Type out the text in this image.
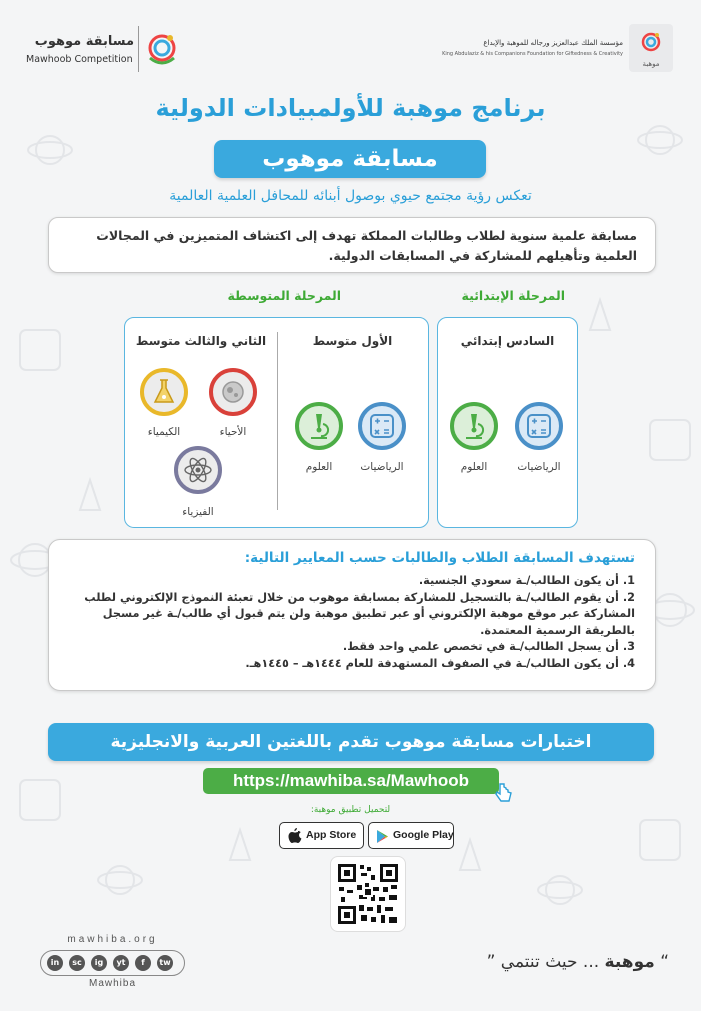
مسابقة موهوب
Mawhoob Competition	موهبة
مؤسسة الملك عبدالعزيز ورجاله للموهبة والإبداع
King Abdulaziz & his Companions Foundation for Giftedness & Creativity
برنامج موهبة للأولمبيادات الدولية
مسابقة موهوب
تعكس رؤية مجتمع حيوي بوصول أبنائه للمحافل العلمية العالمية
مسابقة علمية سنوية لطلاب وطالبات المملكة تهدف إلى اكتشاف المتميزين في المجالات العلمية وتأهيلهم للمشاركة في المسابقات الدولية.
المرحلة الإبتدائية
المرحلة المتوسطة
السادس إبتدائي
الرياضيات
العلوم
الأول متوسط
الثاني والثالث متوسط
الرياضيات
العلوم
الأحياء
الكيمياء
الفيزياء
تستهدف المسابقة الطلاب والطالبات حسب المعايير التالية:
1. أن يكون الطالب/ـة سعودي الجنسية.
2. أن يقوم الطالب/ـة بالتسجيل للمشاركة بمسابقة موهوب من خلال تعبئة النموذج الإلكتروني لطلب المشاركة عبر موقع موهبة الإلكتروني أو عبر تطبيق موهبة ولن يتم قبول أي طالب/ـة غير مسجل بالطريقة الرسمية المعتمدة.
3. أن يسجل الطالب/ـة في تخصص علمي واحد فقط.
4. أن يكون الطالب/ـة في الصفوف المستهدفة للعام ١٤٤٤هـ – ١٤٤٥هـ.
اختبارات مسابقة موهوب تقدم باللغتين العربية والانجليزية
https://mawhiba.sa/Mawhoob
لتحميل تطبيق موهبة:
App Store	Google Play
mawhiba.org
in	sc	ig	yt	f	tw
Mawhiba
“ موهبة ... حيث تنتمي ”
